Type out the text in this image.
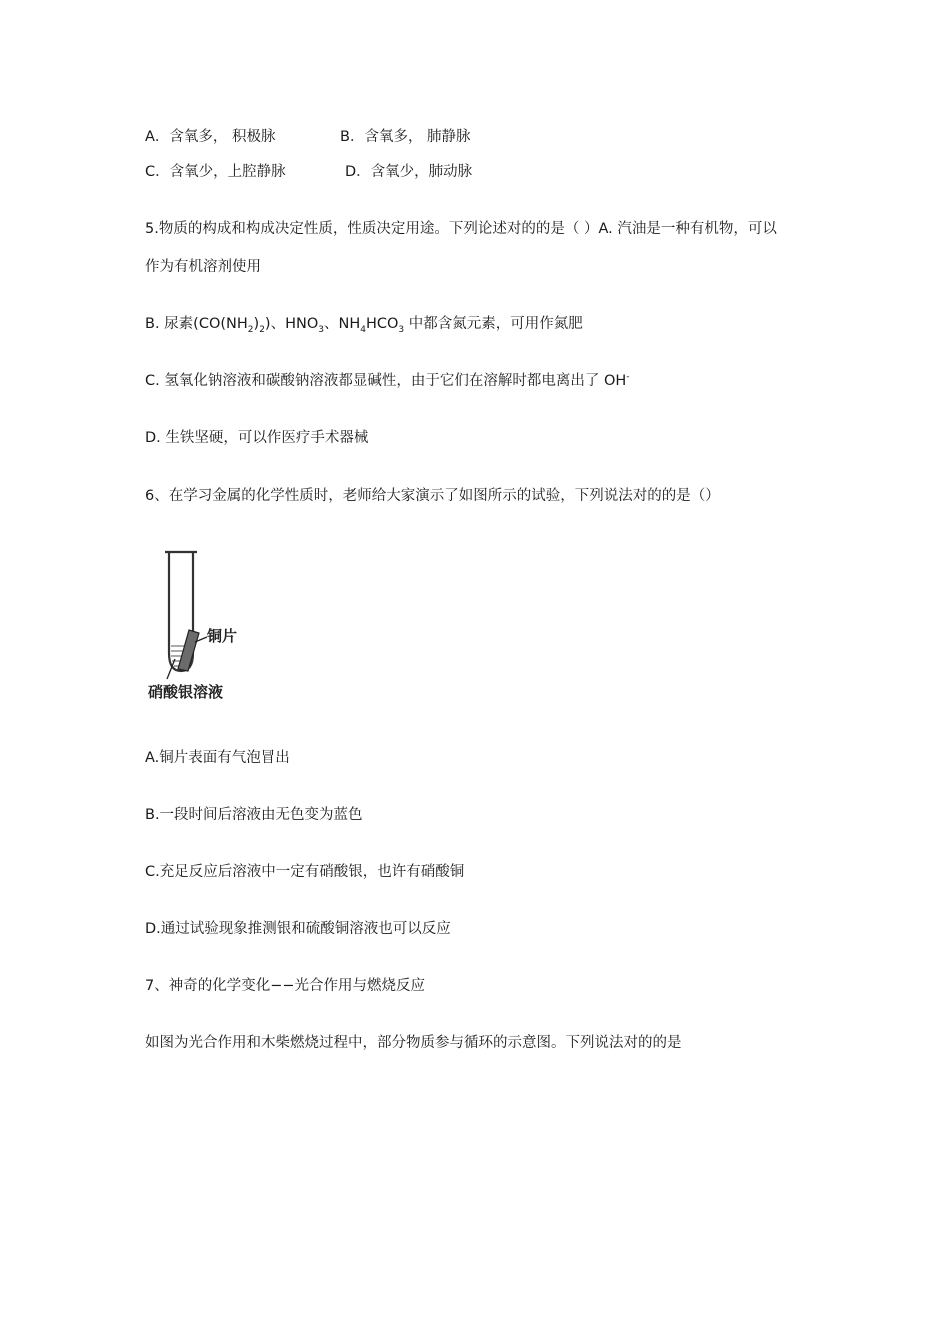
A．含氧多， 积极脉	B．含氧多， 肺静脉
C．含氧少，上腔静脉	D．含氧少，肺动脉
5.物质的构成和构成决定性质，性质决定用途。下列论述对的的是（ ）A. 汽油是一种有机物，可以
作为有机溶剂使用
B. 尿素$(CO(NH_2)_2)$、$HNO_3$、$NH_4HCO_3$ 中都含氮元素，可用作氮肥
C. 氢氧化钠溶液和碳酸钠溶液都显碱性，由于它们在溶解时都电离出了 OH-
D. 生铁坚硬，可以作医疗手术器械
6、在学习金属的化学性质时，老师给大家演示了如图所示的试验，下列说法对的的是（）
铜片
硝酸银溶液
A.铜片表面有气泡冒出
B.一段时间后溶液由无色变为蓝色
C.充足反应后溶液中一定有硝酸银，也许有硝酸铜
D.通过试验现象推测银和硫酸铜溶液也可以反应
7、神奇的化学变化−−光合作用与燃烧反应
如图为光合作用和木柴燃烧过程中，部分物质参与循环的示意图。下列说法对的的是
